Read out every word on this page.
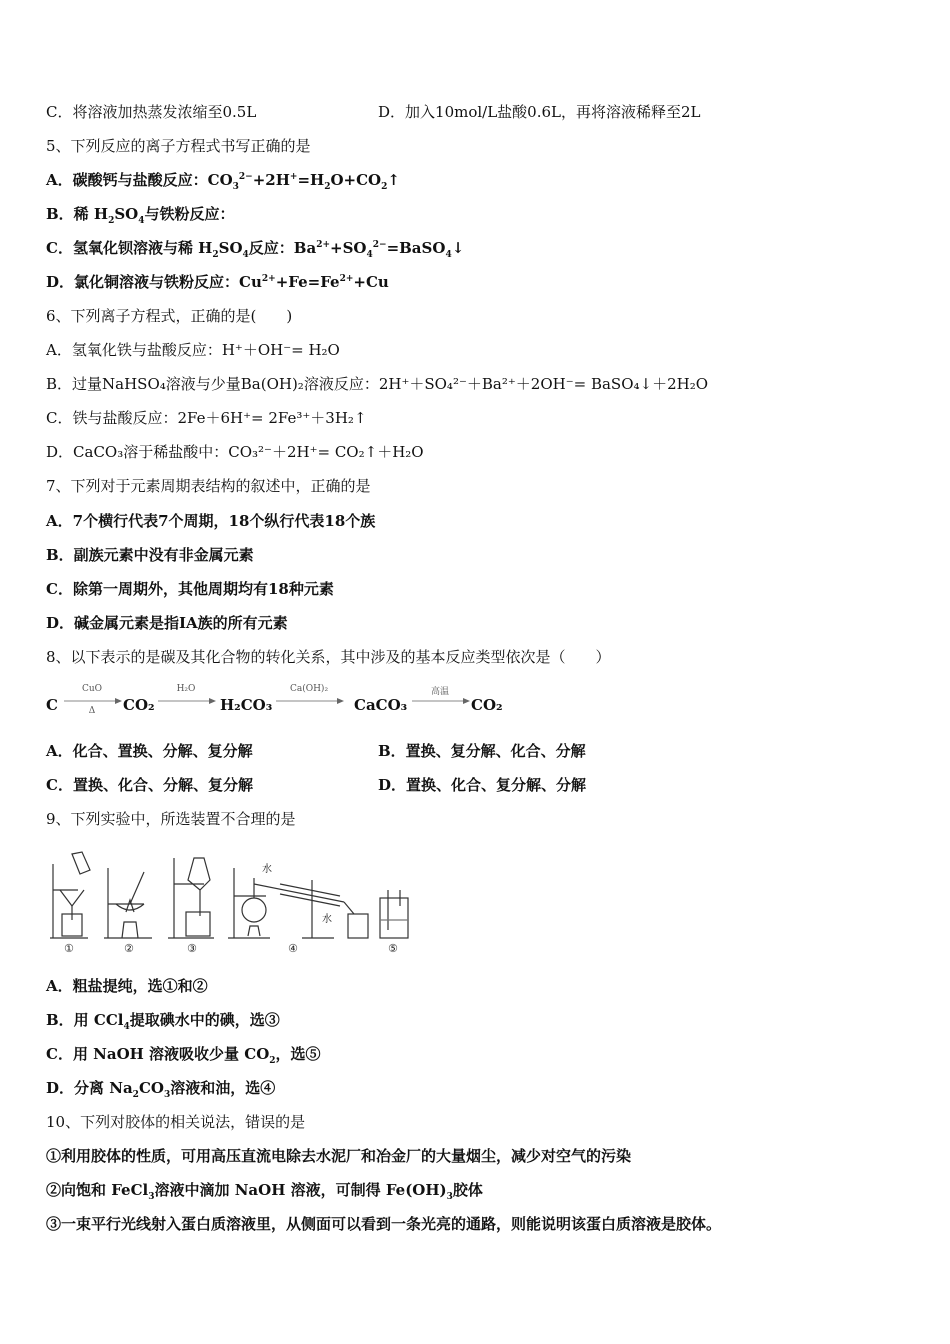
C．将溶液加热蒸发浓缩至0.5L	D．加入10mol/L盐酸0.6L，再将溶液稀释至2L
5、下列反应的离子方程式书写正确的是
A．碳酸钙与盐酸反应：$CO_3^{2-}+2H^+=H_2O+CO_2↑$
B．稀 $H_2SO_4$与铁粉反应：
C．氢氧化钡溶液与稀 $H_2SO_4$反应：$Ba^{2+}+SO_4^{2-}=BaSO_4↓$
D．氯化铜溶液与铁粉反应：$Cu^{2+}+Fe=Fe^{2+}+Cu$
6、下列离子方程式，正确的是(　　)
A．氢氧化铁与盐酸反应：H⁺＋OH⁻= H₂O
B．过量NaHSO₄溶液与少量Ba(OH)₂溶液反应：2H⁺＋SO₄²⁻＋Ba²⁺＋2OH⁻= BaSO₄↓＋2H₂O
C．铁与盐酸反应：2Fe＋6H⁺= 2Fe³⁺＋3H₂↑
D．CaCO₃溶于稀盐酸中：CO₃²⁻＋2H⁺= CO₂↑＋H₂O
7、下列对于元素周期表结构的叙述中，正确的是
A．7个横行代表7个周期，18个纵行代表18个族
B．副族元素中没有非金属元素
C．除第一周期外，其他周期均有18种元素
D．碱金属元素是指ⅠA族的所有元素
8、以下表示的是碳及其化合物的转化关系，其中涉及的基本反应类型依次是（　　）
C
CuO
Δ	CO₂
H₂O
H₂CO₃
Ca(OH)₂
CaCO₃
高温
CO₂
A．化合、置换、分解、复分解	B．置换、复分解、化合、分解
C．置换、化合、分解、复分解	D．置换、化合、复分解、分解
9、下列实验中，所选装置不合理的是
水
水
①	②	③	④	⑤
A．粗盐提纯，选①和②
B．用 CCl$_4$提取碘水中的碘，选③
C．用 NaOH 溶液吸收少量 $CO_2$，选⑤
D．分离 $Na_2CO_3$溶液和油，选④
10、下列对胶体的相关说法，错误的是
①利用胶体的性质，可用高压直流电除去水泥厂和冶金厂的大量烟尘，减少对空气的污染
②向饱和 FeCl$_3$溶液中滴加 NaOH 溶液，可制得 $Fe(OH)_3$胶体
③一束平行光线射入蛋白质溶液里，从侧面可以看到一条光亮的通路，则能说明该蛋白质溶液是胶体。
